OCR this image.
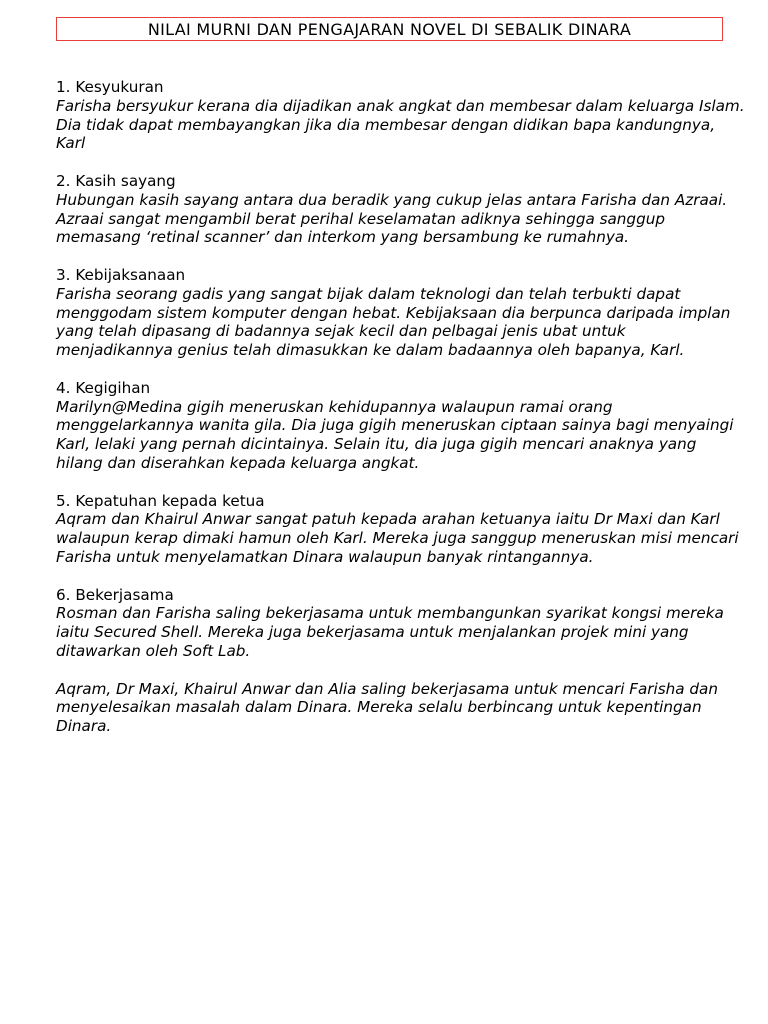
NILAI MURNI DAN PENGAJARAN NOVEL DI SEBALIK DINARA

1. Kesyukuran

Farisha bersyukur kerana dia dijadikan anak angkat dan membesar dalam keluarga Islam. Dia tidak dapat membayangkan jika dia membesar dengan didikan bapa kandungnya, Karl

2. Kasih sayang

Hubungan kasih sayang antara dua beradik yang cukup jelas antara Farisha dan Azraai. Azraai sangat mengambil berat perihal keselamatan adiknya sehingga sanggup memasang ‘retinal scanner’ dan interkom yang bersambung ke rumahnya.

3. Kebijaksanaan

Farisha seorang gadis yang sangat bijak dalam teknologi dan telah terbukti dapat menggodam sistem komputer dengan hebat. Kebijaksaan dia berpunca daripada implan yang telah dipasang di badannya sejak kecil dan pelbagai jenis ubat untuk menjadikannya genius telah dimasukkan ke dalam badaannya oleh bapanya, Karl.

4. Kegigihan

Marilyn@Medina gigih meneruskan kehidupannya walaupun ramai orang menggelarkannya wanita gila. Dia juga gigih meneruskan ciptaan sainya bagi menyaingi Karl, lelaki yang pernah dicintainya. Selain itu, dia juga gigih mencari anaknya yang hilang dan diserahkan kepada keluarga angkat.

5. Kepatuhan kepada ketua

Aqram dan Khairul Anwar sangat patuh kepada arahan ketuanya iaitu Dr Maxi dan Karl walaupun kerap dimaki hamun oleh Karl. Mereka juga sanggup meneruskan misi mencari Farisha untuk menyelamatkan Dinara walaupun banyak rintangannya.

6. Bekerjasama

Rosman dan Farisha saling bekerjasama untuk membangunkan syarikat kongsi mereka iaitu Secured Shell. Mereka juga bekerjasama untuk menjalankan projek mini yang ditawarkan oleh Soft Lab.

Aqram, Dr Maxi, Khairul Anwar dan Alia saling bekerjasama untuk mencari Farisha dan menyelesaikan masalah dalam Dinara. Mereka selalu berbincang untuk kepentingan Dinara.
